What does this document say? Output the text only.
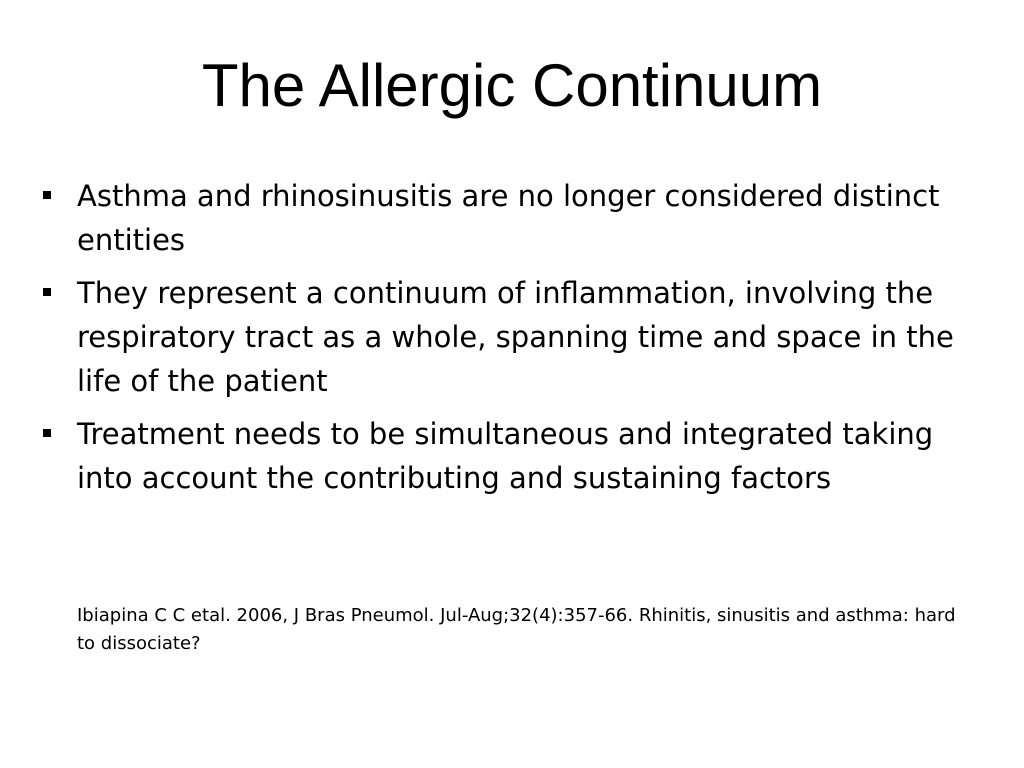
The Allergic Continuum
Asthma and rhinosinusitis are no longer considered distinct entities
They represent a continuum of inflammation, involving the respiratory tract as a whole, spanning time and space in the life of the patient
Treatment needs to be simultaneous and integrated taking into account the contributing and sustaining factors

Ibiapina C C etal. 2006, J Bras Pneumol. Jul-Aug;32(4):357-66. Rhinitis, sinusitis and asthma: hard to dissociate?
